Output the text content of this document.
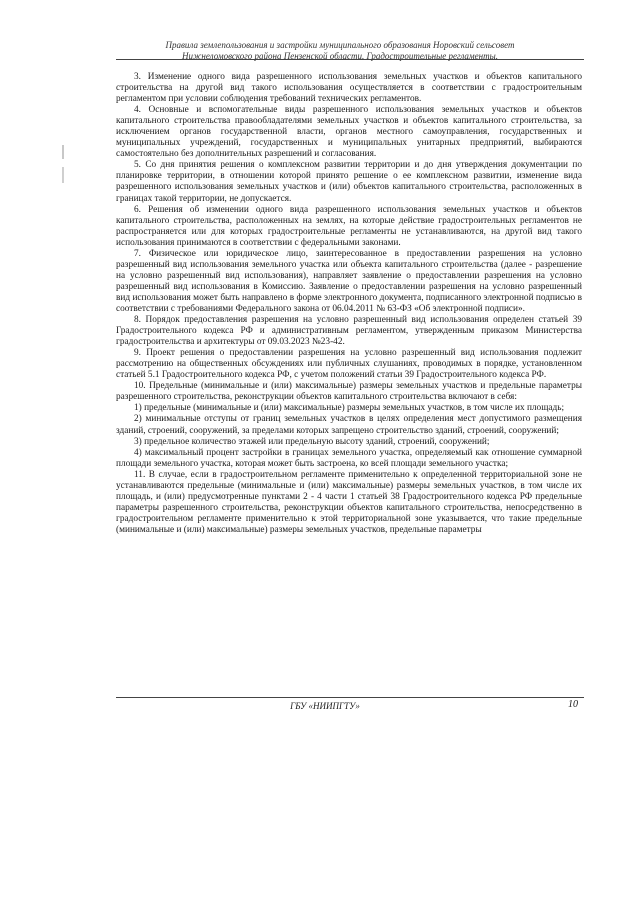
Правила землепользования и застройки муниципального образования Норовский сельсовет
Нижнеломовского района Пензенской области. Градостроительные регламенты.

3. Изменение одного вида разрешенного использования земельных участков и объектов капитального строительства на другой вид такого использования осуществляется в соответствии с градостроительным регламентом при условии соблюдения требований технических регламентов.

4. Основные и вспомогательные виды разрешенного использования земельных участков и объектов капитального строительства правообладателями земельных участков и объектов капитального строительства, за исключением органов государственной власти, органов местного самоуправления, государственных и муниципальных учреждений, государственных и муниципальных унитарных предприятий, выбираются самостоятельно без дополнительных разрешений и согласования.

5. Со дня принятия решения о комплексном развитии территории и до дня утверждения документации по планировке территории, в отношении которой принято решение о ее комплексном развитии, изменение вида разрешенного использования земельных участков и (или) объектов капитального строительства, расположенных в границах такой территории, не допускается.

6. Решения об изменении одного вида разрешенного использования земельных участков и объектов капитального строительства, расположенных на землях, на которые действие градостроительных регламентов не распространяется или для которых градостроительные регламенты не устанавливаются, на другой вид такого использования принимаются в соответствии с федеральными законами.

7. Физическое или юридическое лицо, заинтересованное в предоставлении разрешения на условно разрешенный вид использования земельного участка или объекта капитального строительства (далее - разрешение на условно разрешенный вид использования), направляет заявление о предоставлении разрешения на условно разрешенный вид использования в Комиссию. Заявление о предоставлении разрешения на условно разрешенный вид использования может быть направлено в форме электронного документа, подписанного электронной подписью в соответствии с требованиями Федерального закона от 06.04.2011 № 63-ФЗ «Об электронной подписи».

8. Порядок предоставления разрешения на условно разрешенный вид использования определен статьей 39 Градостроительного кодекса РФ и административным регламентом, утвержденным приказом Министерства градостроительства и архитектуры от 09.03.2023 №23-42.

9. Проект решения о предоставлении разрешения на условно разрешенный вид использования подлежит рассмотрению на общественных обсуждениях или публичных слушаниях, проводимых в порядке, установленном статьей 5.1 Градостроительного кодекса РФ, с учетом положений статьи 39 Градостроительного кодекса РФ.

10. Предельные (минимальные и (или) максимальные) размеры земельных участков и предельные параметры разрешенного строительства, реконструкции объектов капитального строительства включают в себя:

1) предельные (минимальные и (или) максимальные) размеры земельных участков, в том числе их площадь;

2) минимальные отступы от границ земельных участков в целях определения мест допустимого размещения зданий, строений, сооружений, за пределами которых запрещено строительство зданий, строений, сооружений;

3) предельное количество этажей или предельную высоту зданий, строений, сооружений;

4) максимальный процент застройки в границах земельного участка, определяемый как отношение суммарной площади земельного участка, которая может быть застроена, ко всей площади земельного участка;

11. В случае, если в градостроительном регламенте применительно к определенной территориальной зоне не устанавливаются предельные (минимальные и (или) максимальные) размеры земельных участков, в том числе их площадь, и (или) предусмотренные пунктами 2 - 4 части 1 статьей 38 Градостроительного кодекса РФ предельные параметры разрешенного строительства, реконструкции объектов капитального строительства, непосредственно в градостроительном регламенте применительно к этой территориальной зоне указывается, что такие предельные (минимальные и (или) максимальные) размеры земельных участков, предельные параметры

ГБУ «НИИПГТУ»	10
